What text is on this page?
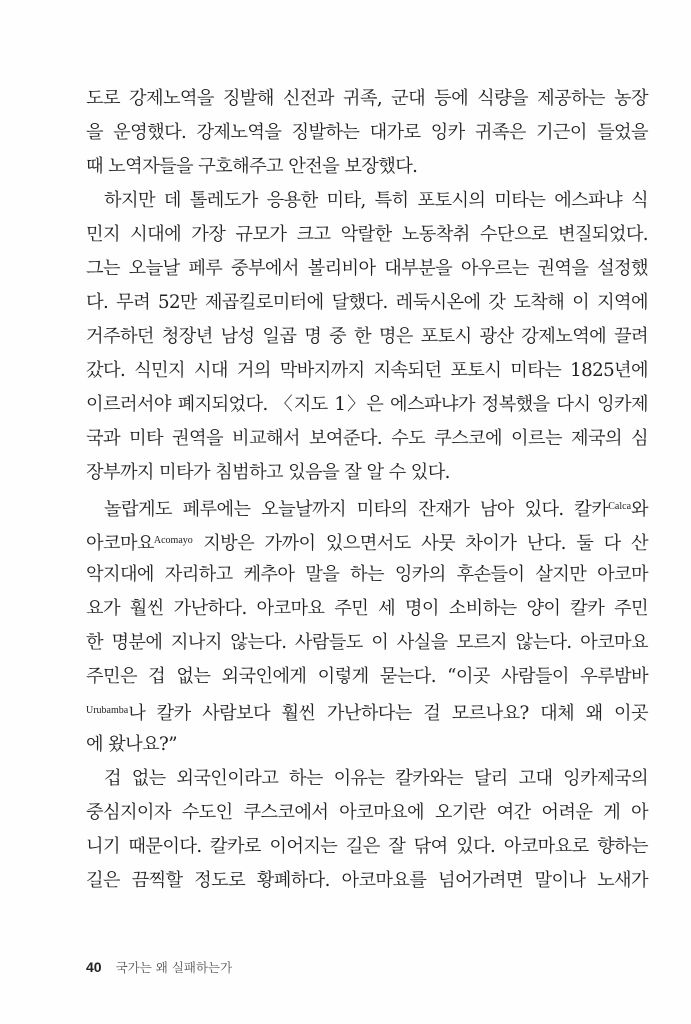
도로 강제노역을 징발해 신전과 귀족, 군대 등에 식량을 제공하는 농장
을 운영했다. 강제노역을 징발하는 대가로 잉카 귀족은 기근이 들었을
때 노역자들을 구호해주고 안전을 보장했다.
하지만 데 톨레도가 응용한 미타, 특히 포토시의 미타는 에스파냐 식
민지 시대에 가장 규모가 크고 악랄한 노동착취 수단으로 변질되었다.
그는 오늘날 페루 중부에서 볼리비아 대부분을 아우르는 권역을 설정했
다. 무려 52만 제곱킬로미터에 달했다. 레둑시온에 갓 도착해 이 지역에
거주하던 청장년 남성 일곱 명 중 한 명은 포토시 광산 강제노역에 끌려
갔다. 식민지 시대 거의 막바지까지 지속되던 포토시 미타는 1825년에
이르러서야 폐지되었다. 〈지도 1〉은 에스파냐가 정복했을 다시 잉카제
국과 미타 권역을 비교해서 보여준다. 수도 쿠스코에 이르는 제국의 심
장부까지 미타가 침범하고 있음을 잘 알 수 있다.
놀랍게도 페루에는 오늘날까지 미타의 잔재가 남아 있다. 칼카$^{Calca}$와
아코마요$^{Acomayo}$ 지방은 가까이 있으면서도 사뭇 차이가 난다. 둘 다 산
악지대에 자리하고 케추아 말을 하는 잉카의 후손들이 살지만 아코마
요가 훨씬 가난하다. 아코마요 주민 세 명이 소비하는 양이 칼카 주민
한 명분에 지나지 않는다. 사람들도 이 사실을 모르지 않는다. 아코마요
주민은 겁 없는 외국인에게 이렇게 묻는다. “이곳 사람들이 우루밤바
$^{Urubamba}$나 칼카 사람보다 훨씬 가난하다는 걸 모르나요? 대체 왜 이곳
에 왔나요?”
겁 없는 외국인이라고 하는 이유는 칼카와는 달리 고대 잉카제국의
중심지이자 수도인 쿠스코에서 아코마요에 오기란 여간 어려운 게 아
니기 때문이다. 칼카로 이어지는 길은 잘 닦여 있다. 아코마요로 향하는
길은 끔찍할 정도로 황폐하다. 아코마요를 넘어가려면 말이나 노새가
40 국가는 왜 실패하는가
